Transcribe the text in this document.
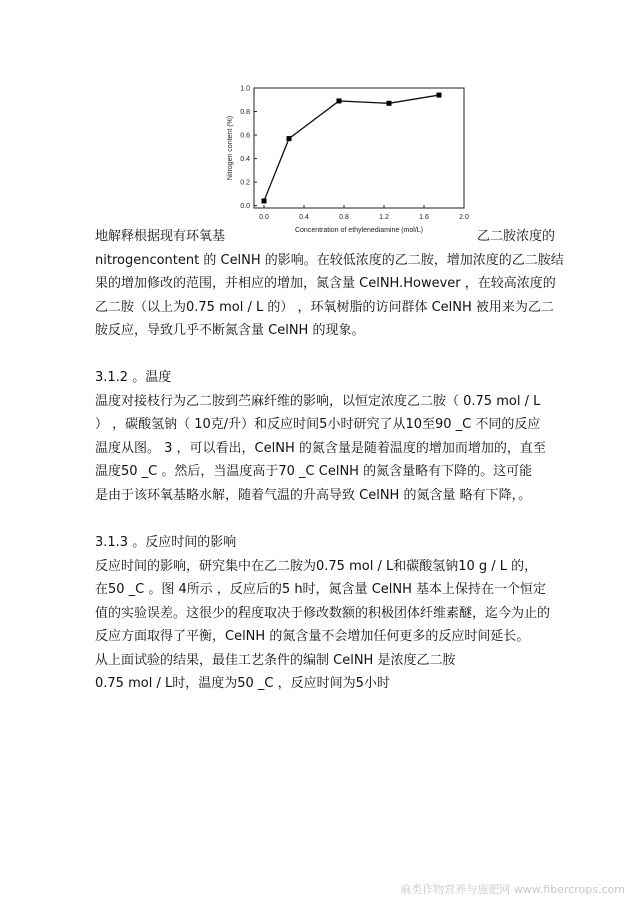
0.0	0.4	0.8	1.2	1.6	2.0
0.0
0.2
0.4
0.6
0.8
1.0
Concentration of ethylenediamine (mol/L)
Nitrogen content (%)
地解释根据现有环氧基	乙二胺浓度的
nitrogencontent 的 CelNH 的影响。在较低浓度的乙二胺，增加浓度的乙二胺结
果的增加修改的范围，并相应的增加，氮含量 CelNH.However ，在较高浓度的
乙二胺（以上为0.75 mol / L 的） ，环氧树脂的访问群体 CelNH 被用来为乙二
胺反应，导致几乎不断氮含量 CelNH 的现象。
3.1.2 。温度
温度对接枝行为乙二胺到苎麻纤维的影响，以恒定浓度乙二胺（ 0.75 mol / L
） ，碳酸氢钠（ 10克/升）和反应时间5小时研究了从10至90 _C 不同的反应
温度从图。 3 ，可以看出，CelNH 的氮含量是随着温度的增加而增加的，直至
温度50 _C 。然后，当温度高于70 _C CelNH 的氮含量略有下降的。这可能
是由于该环氧基略水解，随着气温的升高导致 CelNH 的氮含量 略有下降，。
3.1.3 。反应时间的影响
反应时间的影响，研究集中在乙二胺为0.75 mol / L和碳酸氢钠10 g / L 的，
在50 _C 。图 4所示 ，反应后的5 h时，氮含量 CelNH 基本上保持在一个恒定
值的实验误差。这很少的程度取决于修改数额的积极团体纤维素醚，迄今为止的
反应方面取得了平衡，CelNH 的氮含量不会增加任何更多的反应时间延长。
从上面试验的结果，最佳工艺条件的编制 CelNH 是浓度乙二胺
0.75 mol / L时，温度为50 _C ，反应时间为5小时
麻类作物营养与施肥网 www.fibercrops.com
